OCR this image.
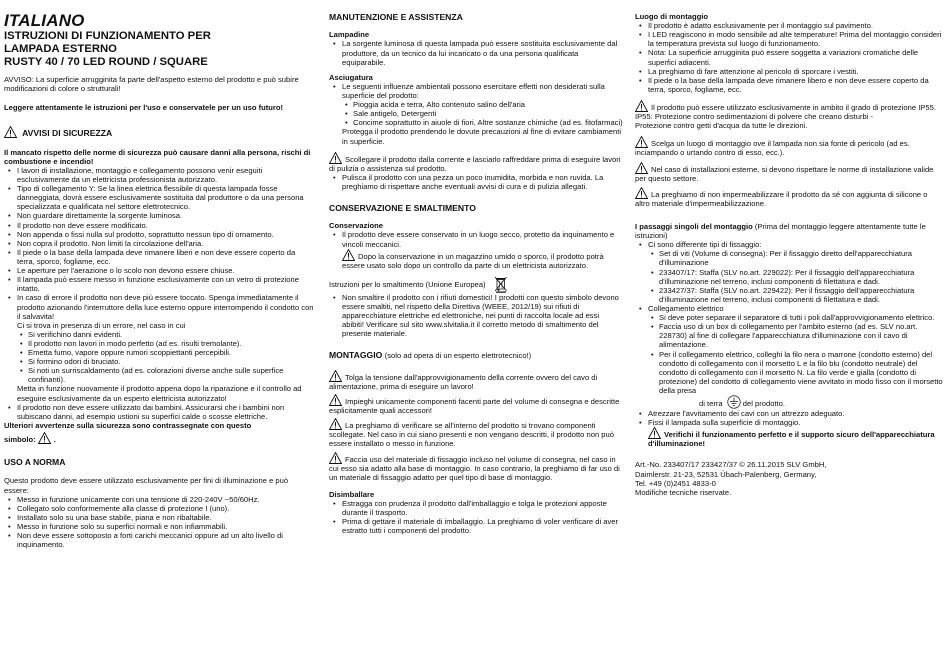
ITALIANO
ISTRUZIONI DI FUNZIONAMENTO PER
LAMPADA ESTERNO
RUSTY 40 / 70 LED ROUND / SQUARE

AVVISO: La superficie arrugginita fa parte dell'aspetto esterno del prodotto e può subire modificazioni di colore o strutturali!

Leggere attentamente le istruzioni per l'uso e conservatele per un uso futuro!

AVVISI DI SICUREZZA

Il mancato rispetto delle norme di sicurezza può causare danni alla persona, rischi di combustione e incendio!

• I lavori di installazione, montaggio e collegamento possono venir eseguiti esclusivamente da un elettricista professionista autorizzato.
• Tipo di collegamento Y: Se la linea elettrica flessibile di questa lampada fosse danneggiata, dovrà essere esclusivamente sostituita dal produttore o da una persona specializzata e qualificata nel settore elettrotecnico.
• Non guardare direttamente la sorgente luminosa.
• Il prodotto non deve essere modificato.
• Non appenda o fissi nulla sul prodotto, soprattutto nessun tipo di ornamento.
• Non copra il prodotto. Non limiti la circolazione dell'aria.
• Il piede o la base della lampada deve rimanere liberi e non deve essere coperto da terra, sporco, fogliame, ecc.
• Le aperture per l'aerazione o lo scolo non devono essere chiuse.
• Il lampada può essere messo in funzione esclusivamente con un vetro di protezione intatto.
• In caso di errore il prodotto non deve più essere toccato. Spenga immediatamente il prodotto azionando l'interruttore della luce esterno oppure interrompendo il condotto con il salvavita!
Ci si trova in presenza di un errore, nel caso in cui
• Si verifichino danni evidenti.
• Il prodotto non lavori in modo perfetto (ad es. risulti tremolante).
• Emetta fumo, vapore oppure rumori scoppiettanti percepibili.
• Si formino odori di bruciato.
• Si noti un surriscaldamento (ad es. colorazioni diverse anche sulle superfice confinanti).
Metta in funzione nuovamente il prodotto appena dopo la riparazione e il controllo ad eseguire esclusivamente da un esperto elettricista autorizzato!
• Il prodotto non deve essere utilizzato dai bambini. Assicurarsi che i bambini non subiscano danni, ad esempio ustioni su superfici calde o scosse elettriche.

Ulteriori avvertenze sulla sicurezza sono contrassegnate con questo

simbolo: .

USO A NORMA

Questo prodotto deve essere utilizzato esclusivamente per fini di illuminazione e può essere:

• Messo in funzione unicamente con una tensione di 220-240V ~50/60Hz.
• Collegato solo conformemente alla classe di protezione I (uno).
• Installato solo su una base stabile, piana e non ribaltabile.
• Messo in funzione solo su superfici normali e non infiammabili.
• Non deve essere sottoposto a forti carichi meccanici oppure ad un alto livello di inquinamento.
MANUTENZIONE E ASSISTENZA

Lampadine

• La sorgente luminosa di questa lampada può essere sostituita esclusivamente dal produttore, da un tecnico da lui incaricato o da una persona qualificata equiparabile.

Asciugatura

• Le seguenti influenze ambientali possono esercitare effetti non desiderati sulla superficie del prodotto:
• Pioggia acida e terra, Alto contenuto salino dell'aria
• Sale antigelo, Detergenti
• Concime soprattutto in aiuole di fiori, Altre sostanze chimiche (ad es. fitofarmaci)
Protegga il prodotto prendendo le dovute precauzioni al fine di evitare cambiamenti in superficie.

Scollegare il prodotto dalla corrente e lasciarlo raffreddare prima di eseguire lavori di pulizia o assistenza sul prodotto.

• Pulisca il prodotto con una pezza un poco inumidita, morbida e non ruvida. La preghiamo di rispettare anche eventuali avvisi di cura e di pulizia allegati.
CONSERVAZIONE E SMALTIMENTO

Conservazione

• Il prodotto deve essere conservato in un luogo secco, protetto da inquinamento e vincoli meccanici.

Dopo la conservazione in un magazzino umido o sporco, il prodotto potrà essere usato solo dopo un controllo da parte di un elettricista autorizzato.

Istruzioni per lo smaltimento (Unione Europea)

• Non smaltire il prodotto con i rifiuti domestici! I prodotti con questo simbolo devono essere smaltiti, nel rispetto della Direttiva (WEEE, 2012/19) sui rifiuti di apparecchiature elettriche ed elettroniche, nei punti di raccolta locale ad essi abibiti! Verificare sul sito www.slvitalia.it il corretto metodo di smaltimento del presente materiale.

MONTAGGIO (solo ad opera di un esperto elettrotecnico!)

Tolga la tensione dall'approvvigionamento della corrente ovvero del cavo di alimentazione, prima di eseguire un lavoro!

Impieghi unicamente componenti facenti parte del volume di consegna e descritte esplicitamente quali accessori!

La preghiamo di verificare se all'interno del prodotto si trovano componenti scollegate. Nel caso in cui siano presenti e non vengano descritti, il prodotto non può essere installato o messo in funzione.

Faccia uso del materiale di fissaggio incluso nel volume di consegna, nel caso in cui esso sia adatto alla base di montaggio. In caso contrario, la preghiamo di far uso di un materiale di fissaggio adatto per quel tipo di base di montaggio.

Disimballare

• Estragga con prudenza il prodotto dall'imballaggio e tolga le protezioni apposte durante il trasporto.
• Prima di gettare il materiale di imballaggio. La preghiamo di voler verificare di aver estratto tutti i componenti del prodotto.

Luogo di montaggio

• Il prodotto è adatto esclusivamente per il montaggio sul pavimento.
• I LED reagiscono in modo sensibile ad alte temperature! Prima del montaggio consideri la temperatura prevista sul luogo di funzionamento.
• Nota: La superficie arrugginita può essere soggetta a variazioni cromatiche delle superfici adiacenti.
• La preghiamo di fare attenzione al pericolo di sporcare i vestiti.
• Il piede o la base della lampada deve rimanere libero e non deve essere coperto da terra, sporco, fogliame, ecc.

Il prodotto può essere utilizzato esclusivamente in ambito il grado di protezione IP55.

IP55: Protezione contro sedimentazioni di polvere che creano disturbi -

Protezione contro getti d'acqua da tutte le direzioni.

Scelga un luogo di montaggio ove il lampada non sia fonte di pericolo (ad es. inciampando o urtando contro di esso, ecc.).

Nel caso di installazioni esterne, si devono rispettare le norme di installazione valide per questo settore.

La preghiamo di non impermeabilizzare il prodotto da sé con aggiunta di silicone o altro materiale d'impermeabilizzazione.

I passaggi singoli del montaggio (Prima del montaggio leggere attentamente tutte le istruzioni)

• Ci sono differente tipi di fissaggio:
• Set di viti (Volume di consegna): Per il fissaggio diretto dell'apparecchiatura d'illuminazione
• 233407/17: Staffa (SLV no.art. 229022): Per il fissaggio dell'apparecchiatura d'illuminazione nel terreno, inclusi componenti di filettatura e dadi.
• 233427/37: Staffa (SLV no.art. 229422): Per il fissaggio dell'apparecchiatura d'illuminazione nel terreno, inclusi componenti di filettatura e dadi.
• Collegamento elettrico
• Si deve poter separare il separatore di tutti i poli dall'approvvigionamento elettrico.
• Faccia uso di un box di collegamento per l'ambito esterno (ad es. SLV no.art. 228730) al fine di collegare l'apparecchiatura d'illuminazione con il cavo di alimentazione.
• Per il collegamento elettrico, colleghi la filo nera o marrone (condotto esterno) del condotto di collegamento con il morsetto L e la filo blu (condotto neutrale) del condotto di collegamento con il morsetto N. La filo verde e gialla (condotto di protezione) del condotto di collegamento viene avvitato in modo fisso con il morsetto della presa
di terra	del prodotto.
• Atrezzare l'avvitamento dei cavi con un attrezzo adeguato.
• Fissi il lampada sulla superficie di montaggio.

Verifichi il funzionamento perfetto e il supporto sicuro dell'apparecchiatura d'illuminazione!

Art.-No. 233407/17 233427/37 © 26.11.2015 SLV GmbH,

Daimlerstr. 21-23, 52531 Übach-Palenberg, Germany,

Tel. +49 (0)2451 4833-0

Modifiche tecniche riservate.
